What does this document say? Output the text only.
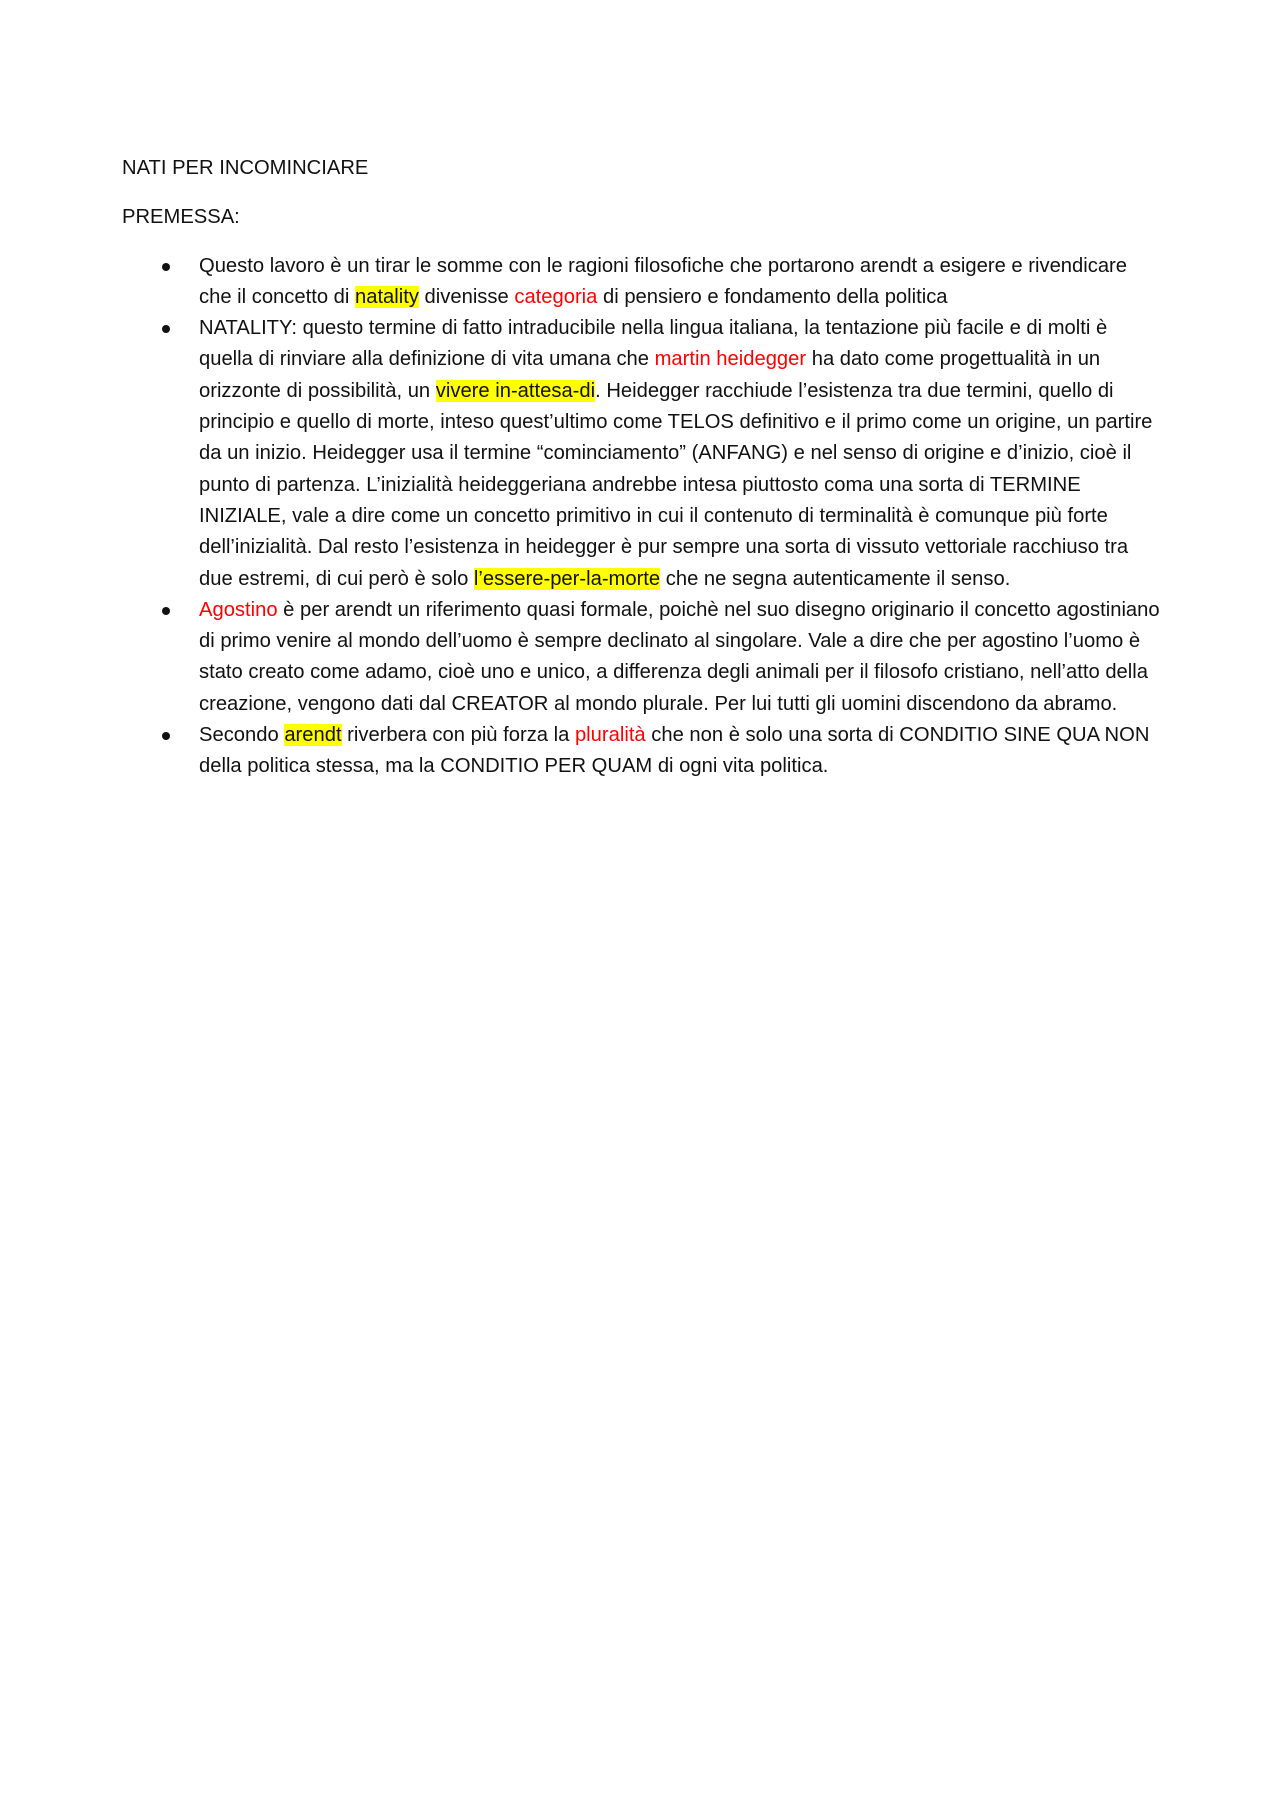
NATI PER INCOMINCIARE
PREMESSA:
Questo lavoro è un tirar le somme con le ragioni filosofiche che portarono arendt a esigere e rivendicare che il concetto di natality divenisse categoria di pensiero e fondamento della politica
NATALITY: questo termine di fatto intraducibile nella lingua italiana, la tentazione più facile e di molti è quella di rinviare alla definizione di vita umana che martin heidegger ha dato come progettualità in un orizzonte di possibilità, un vivere in-attesa-di. Heidegger racchiude l’esistenza tra due termini, quello di principio e quello di morte, inteso quest’ultimo come TELOS definitivo e il primo come un origine, un partire da un inizio. Heidegger usa il termine “cominciamento” (ANFANG) e nel senso di origine e d’inizio, cioè il punto di partenza. L’inizialità heideggeriana andrebbe intesa piuttosto coma una sorta di TERMINE INIZIALE, vale a dire come un concetto primitivo in cui il contenuto di terminalità è comunque più forte dell’inizialità. Dal resto l’esistenza in heidegger è pur sempre una sorta di vissuto vettoriale racchiuso tra due estremi, di cui però è solo l’essere-per-la-morte che ne segna autenticamente il senso.
Agostino è per arendt un riferimento quasi formale, poichè nel suo disegno originario il concetto agostiniano di primo venire al mondo dell’uomo è sempre declinato al singolare. Vale a dire che per agostino l’uomo è stato creato come adamo, cioè uno e unico, a differenza degli animali per il filosofo cristiano, nell’atto della creazione, vengono dati dal CREATOR al mondo plurale. Per lui tutti gli uomini discendono da abramo.
Secondo arendt riverbera con più forza la pluralità che non è solo una sorta di CONDITIO SINE QUA NON della politica stessa, ma la CONDITIO PER QUAM di ogni vita politica.
